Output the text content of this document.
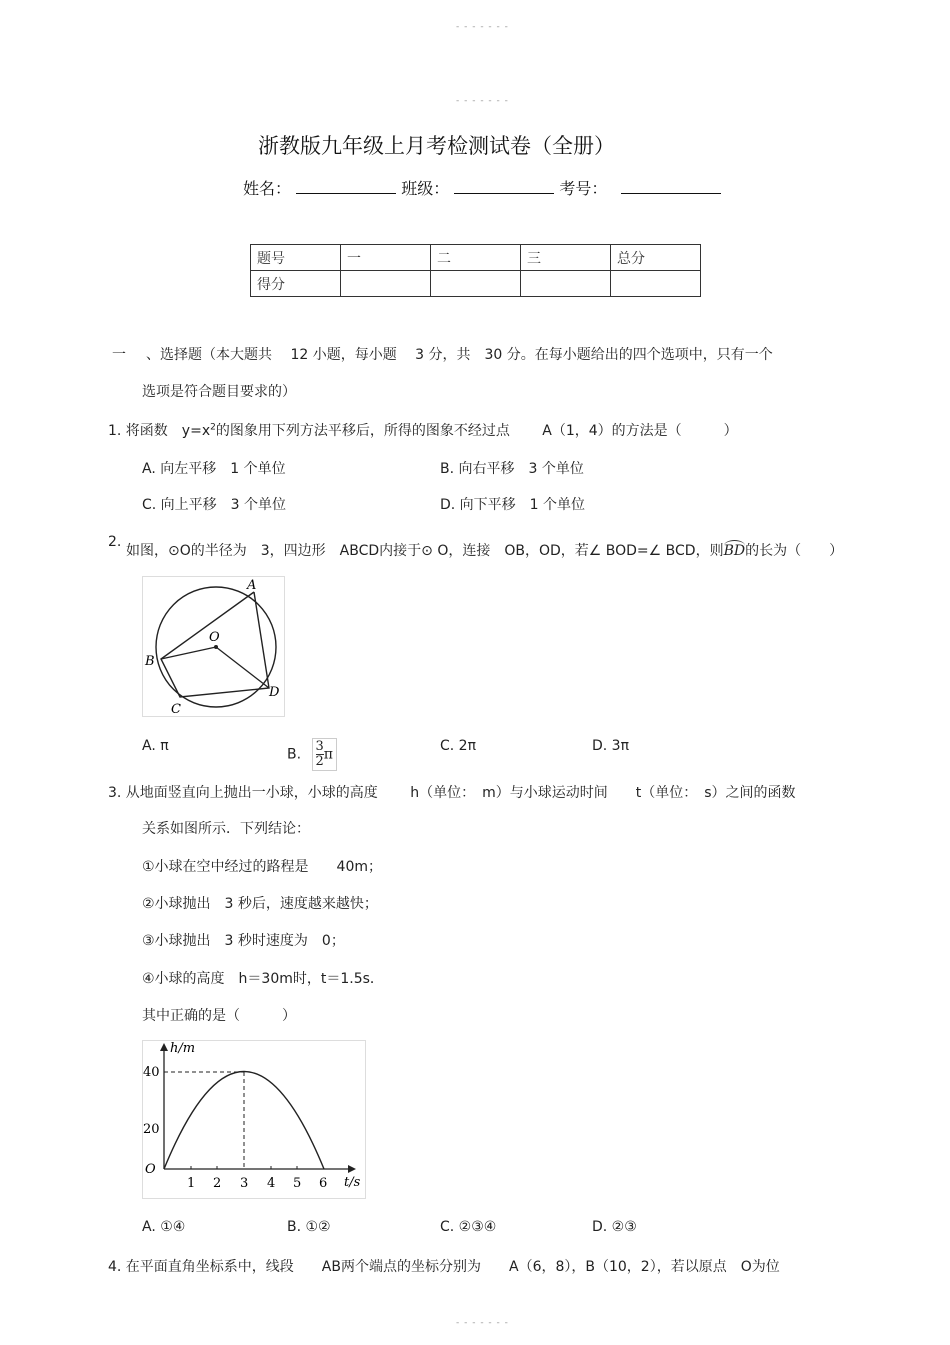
- - - - - - -
- - - - - - -
浙教版九年级上月考检测试卷（全册）
姓名：	班级：	考号：
题号	一	二	三	总分
得分				
一 、选择题（本大题共　 12 小题，每小题　 3 分，共　30 分。在每小题给出的四个选项中，只有一个
选项是符合题目要求的）
1. 将函数　$y=x^2$的图象用下列方法平移后，所得的图象不经过点　　 A（1，4）的方法是（　　　）
A. 向左平移　1 个单位	B. 向右平移　3 个单位
C. 向上平移　3 个单位	D. 向下平移　1 个单位
2.
如图，⊙O的半径为　3，四边形　ABCD内接于⊙ O，连接　OB，OD，若∠ BOD=∠ BCD，则BD的长为（　　）
A
B
C
D
O
A. π
B. $\frac{3}{2}$ π
C. 2π	D. 3π
3. 从地面竖直向上抛出一小球，小球的高度　　 h（单位：　m）与小球运动时间　　t（单位：　s）之间的函数
关系如图所示．下列结论：
①小球在空中经过的路程是　　40m；
②小球抛出　3 秒后，速度越来越快；
③小球抛出　3 秒时速度为　0；
④小球的高度　h＝30m时，t＝1.5s．
其中正确的是（　　　）
h/m
t/s
O
40
20
1 2 3 4 5 6
A. ①④	B. ①②	C. ②③④	D. ②③
4. 在平面直角坐标系中，线段　　AB两个端点的坐标分别为　　A（6，8），B（10，2），若以原点　O为位
- - - - - - -
